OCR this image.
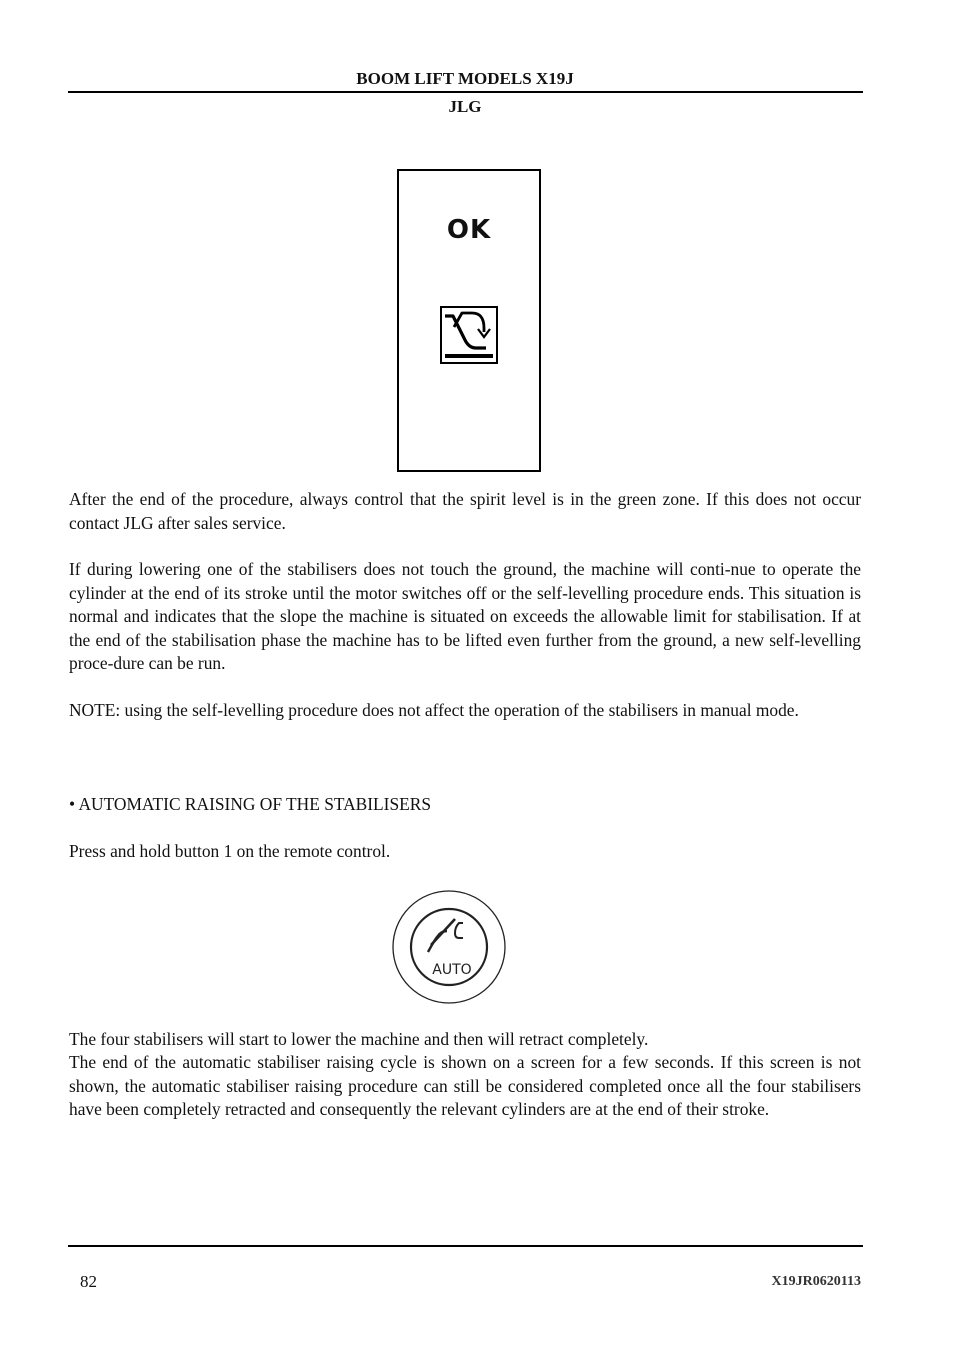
BOOM LIFT MODELS X19J
JLG
OK

After the end of the procedure, always control that the spirit level is in the green zone. If this does not occur contact JLG after sales service.

If during lowering one of the stabilisers does not touch the ground, the machine will conti-nue to operate the cylinder at the end of its stroke until the motor switches off or the self-levelling procedure ends. This situation is normal and indicates that the slope the machine is situated on exceeds the allowable limit for stabilisation. If at the end of the stabilisation phase the machine has to be lifted even further from the ground, a new self-levelling proce-dure can be run.

NOTE: using the self-levelling procedure does not affect the operation of the stabilisers in manual mode.

• AUTOMATIC RAISING OF THE STABILISERS

Press and hold button 1 on the remote control.

AUTO

The four stabilisers will start to lower the machine and then will retract completely.

The end of the automatic stabiliser raising cycle is shown on a screen for a few seconds. If this screen is not shown, the automatic stabiliser raising procedure can still be considered completed once all the four stabilisers have been completely retracted and consequently the relevant cylinders are at the end of their stroke.

82	X19JR0620113
